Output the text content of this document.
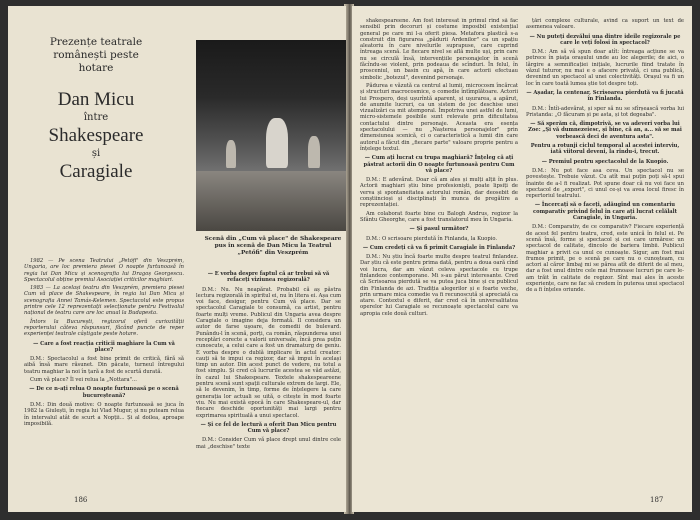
Prezențe teatrale românești peste hotare
Dan Micu
între
Shakespeare
și
Caragiale
Scenă din „Cum vă place" de Shakespeare pus în scenă de Dan Micu la Teatrul „Petőfi" din Veszprém

1982 — Pe scena Teatrului „Petőfi" din Veszprém, Ungaria, are loc premiera piesei O noapte furtunoasă în regia lui Dan Micu și scenografia lui Dragoș Georgescu. Spectacolul obține premiul Asociației criticilor maghiari.

1983 — La același teatru din Veszprém, premiera piesei Cum vă place de Shakespeare, în regia lui Dan Micu și scenografia Annei Tamás-Kelemen. Spectacolul este propus printre cele 12 reprezentații selecționate pentru Festivalul național de teatru care are loc anual la Budapesta.

Întors la București, regizorul oferă curiozității reporterului câteva răspunsuri, făcând puncte de reper experienței teatrale câștigate peste hotare.

— Care a fost reacția criticii maghiare la Cum vă place?

D.M.: Spectacolul a fost bine primit de critică, fără să aibă însă mare răsunet. Din păcate, turneul întregului teatru maghiar la noi în țară a fost de scurtă durată.

Cum vă place? Îl vei relua la „Nottara"...

— De ce n-ați relua O noapte furtunoasă pe o scenă bucureșteană?

D.M.: Din două motive: O noapte furtunoasă se juca în 1982 la Giulești, în regia lui Vlad Mugur, și nu puteam relua în intervalul atât de scurt a Nopții... Și al doilea, aproape imposibilă.

— E vorba despre faptul că ar trebui să vă refaceți viziunea regizorală?

D.M.: Nu. Nu neapărat. Probabil că aș păstra lectura regizorală în spiritul ei, nu în litera ei. Așa cum voi face, desigur, pentru Cum vă place. Dar se spectacolul Caragiale te consumă, ca artist, pentru foarte mulți vreme. Publicul din Ungaria avea despre Caragiale o imagine deja formată. Il considera un autor de farse uşoare, de comedii de bulevard. Punându-l în scenă, porți, ca român, răspunderea unei receptări corecte a valorii universale, încă prea puțin cunoscute, a celui care a fost un dramaturg de geniu. E vorba despre o dublă implicare în actul creator: cauți să te impui ca regizor, dar să impui în același timp un autor. Din acest punct de vedere, nu totul a fost simplu. Și cred că lucrurile acestea se văd astăzi, în cazul lui Shakespeare. Textele shakespeareene pentru scenă sunt spații culturale extrem de largi. Ele, să le devenim, în timp, forme de înțelegere la care generația lor actuali se uită, o citește în mod foarte viu. Nu mai există epocă în care Shakespeare-ul, dar fiecare deschide oportunități mai largi pentru exprimarea spirituală a unui spectacol.

— Și ce fel de lectură a oferit Dan Micu pentru Cum vă place?

D.M.: Consider Cum vă place drept unul dintre cele mai „deschise" texte

186

shakespeareene. Am fost interesat în primul rînd să fac sensibil prin decoruri și costume imposibil existențial general pe care mi l-a oferit piesa. Metafora plastică s-a construit din figurarea „pădurii Ardenilor" ca un spațiu aleatoriu în care nivelurile suprapuse, care cuprind întreaga scenă. Le fiecare nivel se află multe uși, prin care nu se circulă însă, intervențiile personajelor în scenă făcîndu-se violent, prin podeaua de scînduri. În felul, în prosceniul, un basin cu apă, în care actorii efectuau simbolic „botezul", devenind personaje.

Pădurea e văzută ca centrul al lumii, microcosm încărcat și structuri macrocosmice, o comedie întîmplătoare. Actorii lui Prospero, deși ușurîntă aparent, și ușurarea, a apărut, de anumite lucruri, ca un sistem de joc deschise unei vizualizări ca mit atemporal. Împotriva unei astfel de lumi, micro-sistemele posibile sunt relevate prin dificultatea contactului dintre personaje. Aceasta era esența spectacolului — nu „Nașterea personajelor" prin dimensiunea scenică, ci o caracteristică a lumii din care autorul a făcut din „fiecare parte" valoare proprie pentru a înțelege textul.

— Cum ați lucrat cu trupa maghiară? Înțeleg că ați păstrat actorii din O noapte furtunoasă pentru Cum vă place?

D.M.: E adevărat. Doar că am ales și mulți alții în plus. Actorii maghiari știu bine profesioniști, poate lipsiți de verva și spontaneitatea actorului român, dar deosebit de conștiincioși și disciplinați în munca de pregătire a reprezentației.

Am colaborat foarte bine cu Balogh Andrus, regizor la Sfântu Gheorghe, care a fost translatorul meu în Ungaria.

— Și pasul următor?

D.M.: O scrisoare pierdută în Finlanda, la Kuopio.

— Cum credeți că va fi primit Caragiale în Finlanda?

D.M.: Nu știu încă foarte multe despre teatrul finlandez. Dar știu că este pentru prima dată, pentru a doua oară cînd voi lucra, dar am văzut celeva spectacole cu trupe finlandeze contemporane. Mi s-au părut interesante. Cred că Scrisoarea pierdută se va putea juca bine și cu publicul din Finlanda de azi. Tradiția alegerilor și e foarte veche, prin urmare mica comedie va fi recunoscută și apreciată ca atare. Contextul e diferit, dar cred că în universalitatea operelor lui Caragiale se recunoaște spectacolul care va apropia cele două culturi.

țări complexe culturale, avînd ca suport un text de asemenea valoare.

— Nu puteți dezvălui una dintre ideile regizorale pe care le veți folosi în spectacol?

D.M.: Am să vă spun doar atît: întreaga acțiune se va petrece în piața orașului unde au loc alegerile; de aici, o lărgire a semnificației inițiale, lucrurile fiind tratate în văzul tuturor, nu mai e o afacere privată, ci una publică, devenind un spectacol al unei colectivități. Orașul va fi un loc în care toată lumea știe tot despre toți.

— Așadar, la centenar, Scrisoarea pierdută va fi jucată în Finlanda.

D.M.: Întîi-adevărat, și sper să nu se sfîrșească vorba lui Pristanda: „O făcuram și pe asta, și tot degeaba".

— Să sperăm că, dimpotrivă, se va adeveri vorba lui Zoe: „Și vă dumnezeiesc, și bine, că an, a... să se mai vorbească deci de aventura asta".

Pentru a rotunji ciclul temporal al acestei interviu, iată viitorul deveni, la rîndu-i, trecut.

— Premiul pentru spectacolul de la Kuopio.

D.M.: Nu pot face asa ceva. Un spectacol nu se povestește. Trebuie văzut. Cu atît mai puțin poți să-l spui înainte de a-l fi realizat. Pot spune doar că nu voi face un spectacol de „export", ci unul ce-și va avea locul firesc în repertoriul teatrului.

— Încercați să o faceți, adăugînd un comentariu comparativ privind felul în care ați lucrat celălalt Caragiale, în Ungaria.

D.M.: Comparativ, de ce comparativ? Fiecare experiență de acest fel pentru teatru, cred, este unică în felul ei. Pe scenă însă, forme și spectacol și cei care urmăresc un spectacol de calitate, dincolo de bariera limbii. Publicul maghiar a privit ca unul ce cunoaște. Sigur, am fost mai frumos primit, pe o scenă pe care nu o cunoșteam, cu actori al căror limbaj mi se părea atît de diferit de al meu, dar a fost unul dintre cele mai frumoase lucruri pe care le-am trăit în calitate de regizor. Sînt mai ales în aceste experiențe, care ne fac să credem în puterea unui spectacol de a fi înțeles oriunde.

187
